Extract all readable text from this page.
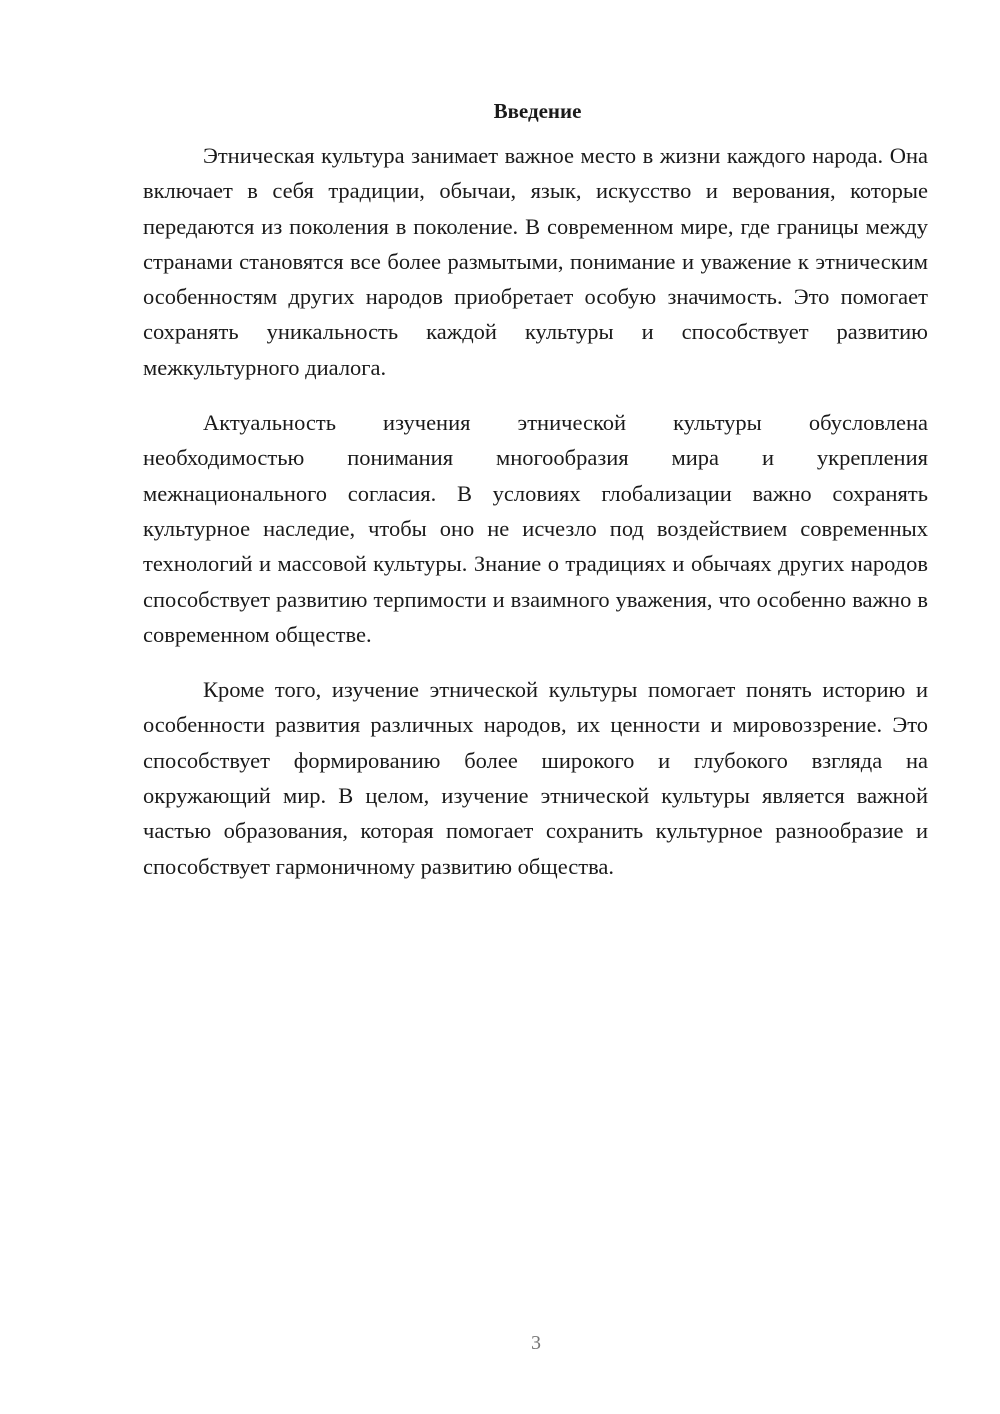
Введение

Этническая культура занимает важное место в жизни каждого народа. Она включает в себя традиции, обычаи, язык, искусство и верования, которые передаются из поколения в поколение. В современном мире, где границы между странами становятся все более размытыми, понимание и уважение к этническим особенностям других народов приобретает особую значимость. Это помогает сохранять уникальность каждой культуры и способствует развитию межкультурного диалога.

Актуальность изучения этнической культуры обусловлена необходимостью понимания многообразия мира и укрепления межнационального согласия. В условиях глобализации важно сохранять культурное наследие, чтобы оно не исчезло под воздействием современных технологий и массовой культуры. Знание о традициях и обычаях других народов способствует развитию терпимости и взаимного уважения, что особенно важно в современном обществе.

Кроме того, изучение этнической культуры помогает понять историю и особенности развития различных народов, их ценности и мировоззрение. Это способствует формированию более широкого и глубокого взгляда на окружающий мир. В целом, изучение этнической культуры является важной частью образования, которая помогает сохранить культурное разнообразие и способствует гармоничному развитию общества.

3
